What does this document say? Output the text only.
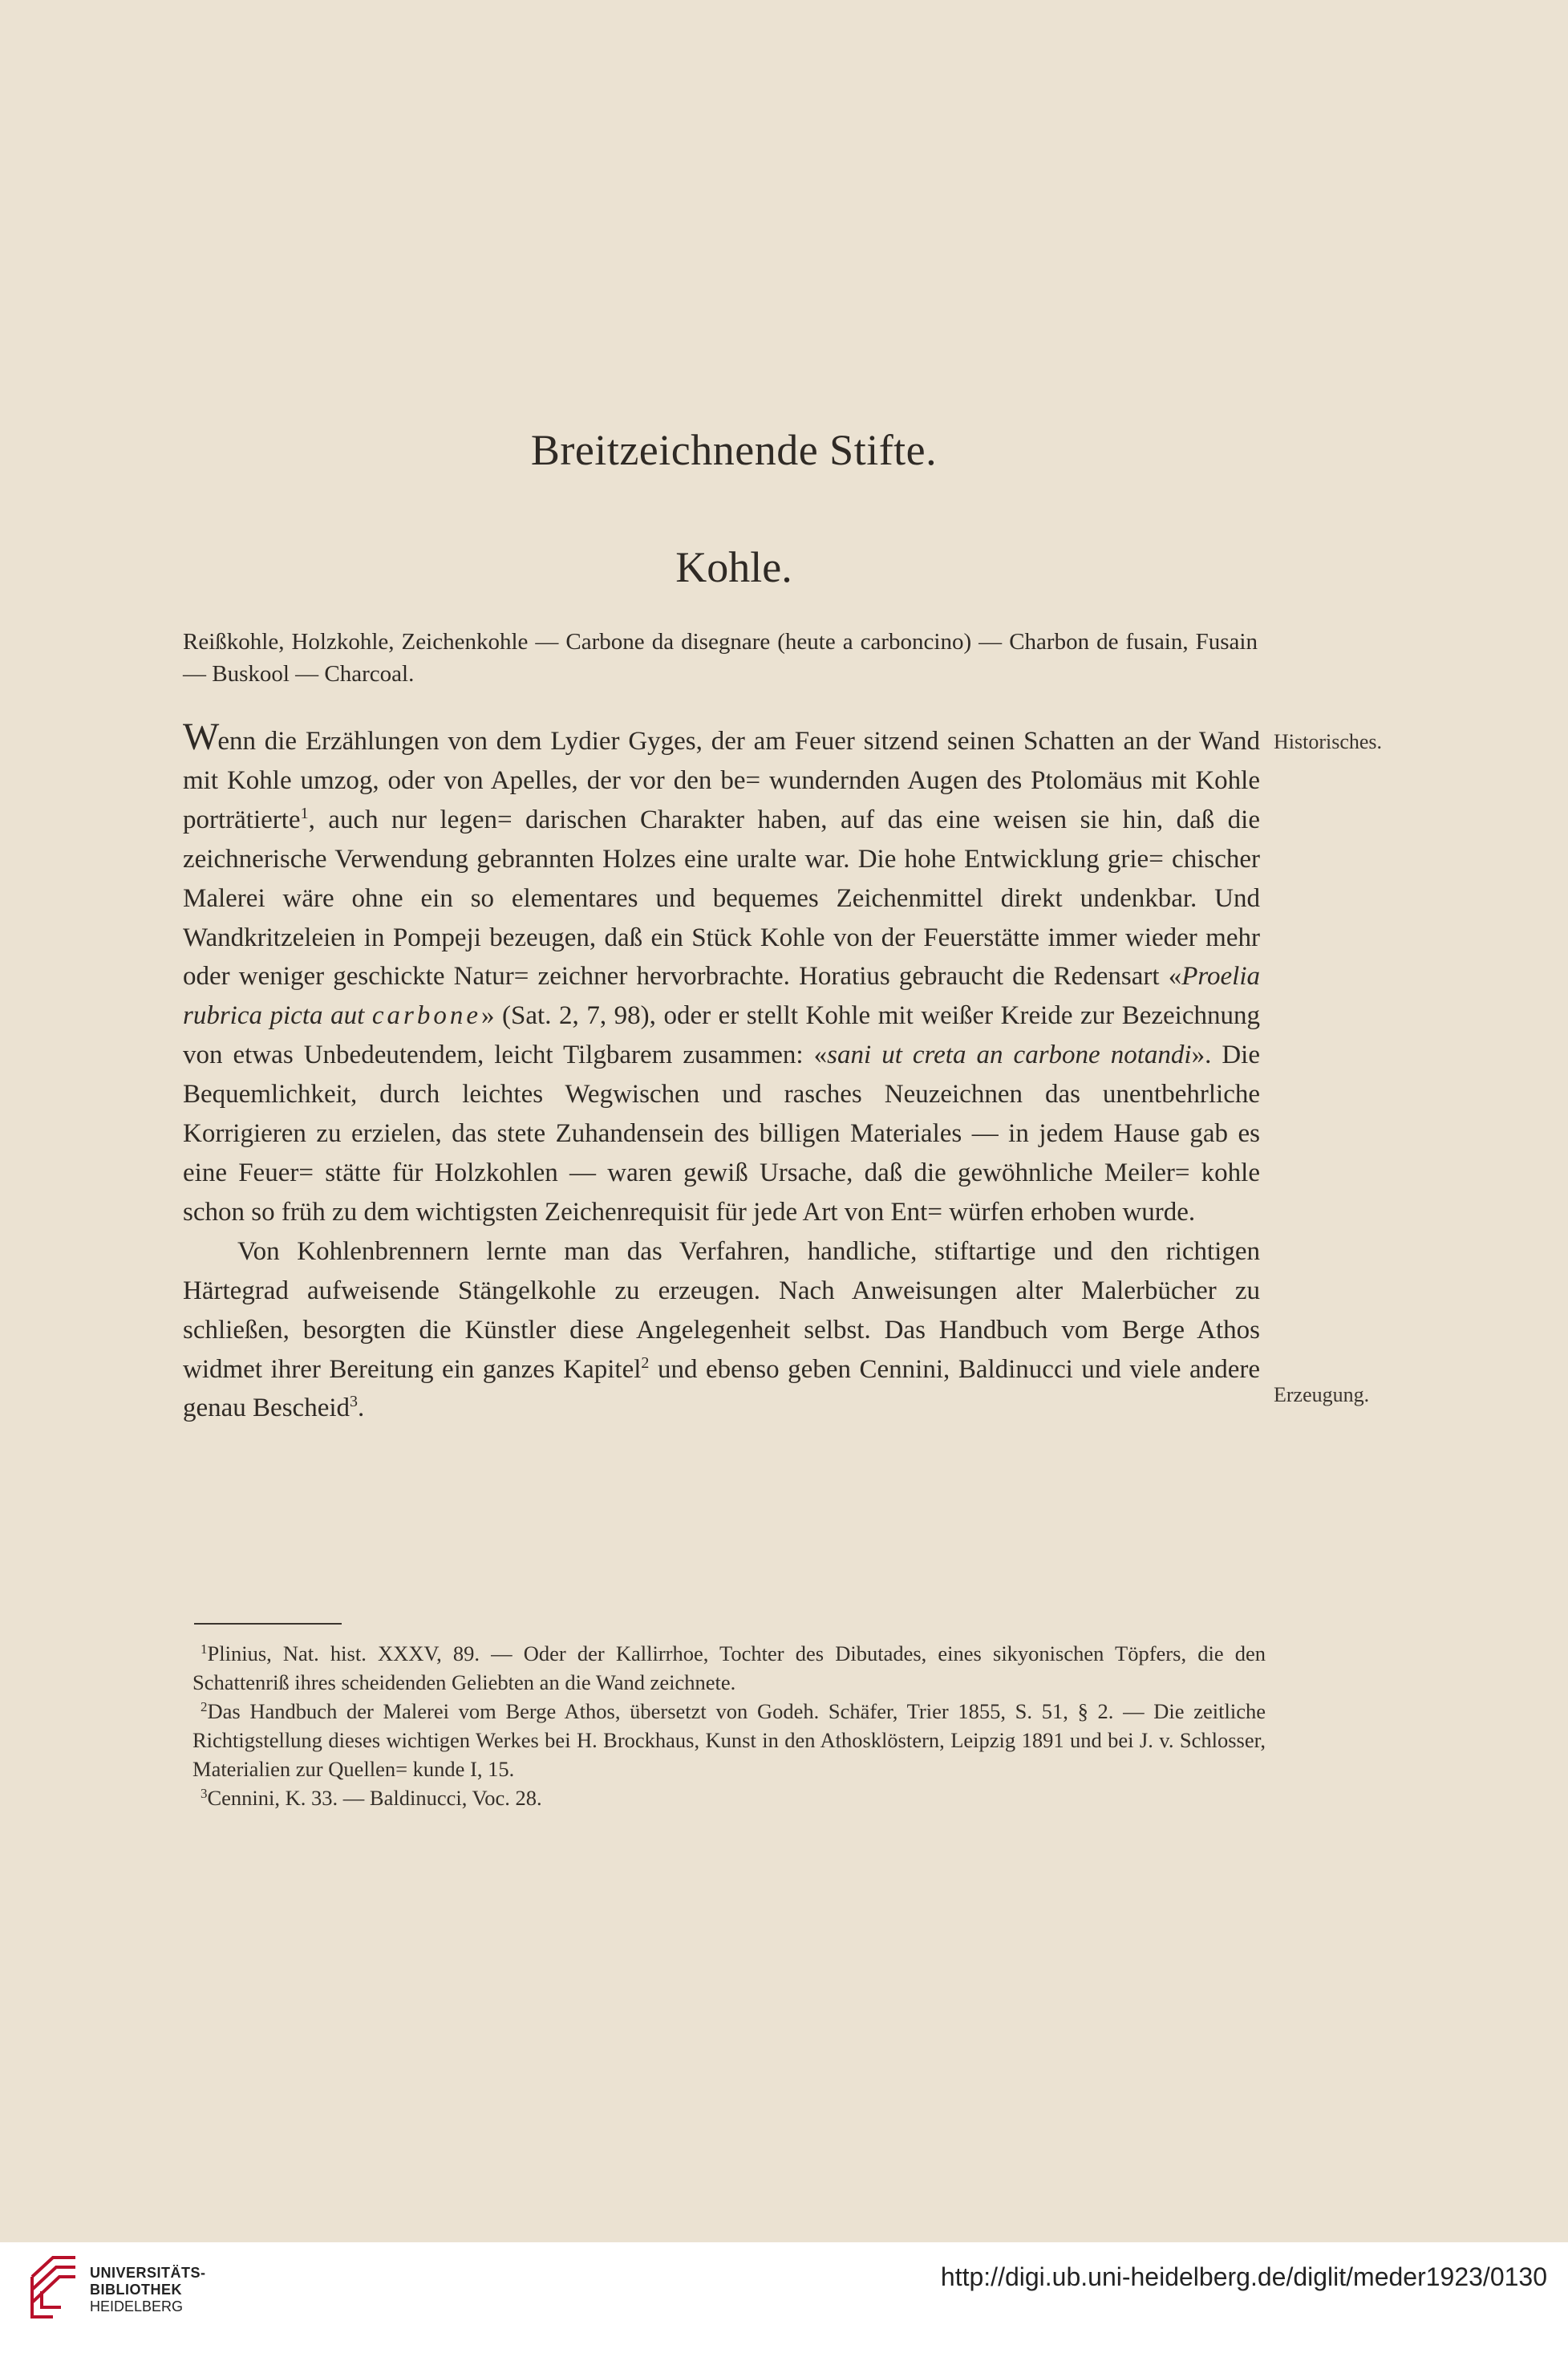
Breitzeichnende Stifte.
Kohle.
Reißkohle, Holzkohle, Zeichenkohle — Carbone da disegnare (heute a carboncino) — Charbon de fusain, Fusain — Buskool — Charcoal.
Historisches.
Erzeugung.

Wenn die Erzählungen von dem Lydier Gyges, der am Feuer sitzend seinen Schatten an der Wand mit Kohle umzog, oder von Apelles, der vor den be= wundernden Augen des Ptolomäus mit Kohle porträtierte$^1$, auch nur legen= darischen Charakter haben, auf das eine weisen sie hin, daß die zeichnerische Verwendung gebrannten Holzes eine uralte war. Die hohe Entwicklung grie= chischer Malerei wäre ohne ein so elementares und bequemes Zeichenmittel direkt undenkbar. Und Wandkritzeleien in Pompeji bezeugen, daß ein Stück Kohle von der Feuerstätte immer wieder mehr oder weniger geschickte Natur= zeichner hervorbrachte. Horatius gebraucht die Redensart «Proelia rubrica picta aut carbone» (Sat. 2, 7, 98), oder er stellt Kohle mit weißer Kreide zur Bezeichnung von etwas Unbedeutendem, leicht Tilgbarem zusammen: «sani ut creta an carbone notandi». Die Bequemlichkeit, durch leichtes Wegwischen und rasches Neuzeichnen das unentbehrliche Korrigieren zu erzielen, das stete Zuhandensein des billigen Materiales — in jedem Hause gab es eine Feuer= stätte für Holzkohlen — waren gewiß Ursache, daß die gewöhnliche Meiler= kohle schon so früh zu dem wichtigsten Zeichenrequisit für jede Art von Ent= würfen erhoben wurde.

Von Kohlenbrennern lernte man das Verfahren, handliche, stiftartige und den richtigen Härtegrad aufweisende Stängelkohle zu erzeugen. Nach Anweisungen alter Malerbücher zu schließen, besorgten die Künstler diese Angelegenheit selbst. Das Handbuch vom Berge Athos widmet ihrer Bereitung ein ganzes Kapitel$^2$ und ebenso geben Cennini, Baldinucci und viele andere genau Bescheid$^3$.

$^1$Plinius, Nat. hist. XXXV, 89. — Oder der Kallirrhoe, Tochter des Dibutades, eines sikyonischen Töpfers, die den Schattenriß ihres scheidenden Geliebten an die Wand zeichnete.

$^2$Das Handbuch der Malerei vom Berge Athos, übersetzt von Godeh. Schäfer, Trier 1855, S. 51, § 2. — Die zeitliche Richtigstellung dieses wichtigen Werkes bei H. Brockhaus, Kunst in den Athosklöstern, Leipzig 1891 und bei J. v. Schlosser, Materialien zur Quellen= kunde I, 15.

$^3$Cennini, K. 33. — Baldinucci, Voc. 28.

UNIVERSITÄTS-
BIBLIOTHEK
HEIDELBERG
http://digi.ub.uni-heidelberg.de/diglit/meder1923/0130
